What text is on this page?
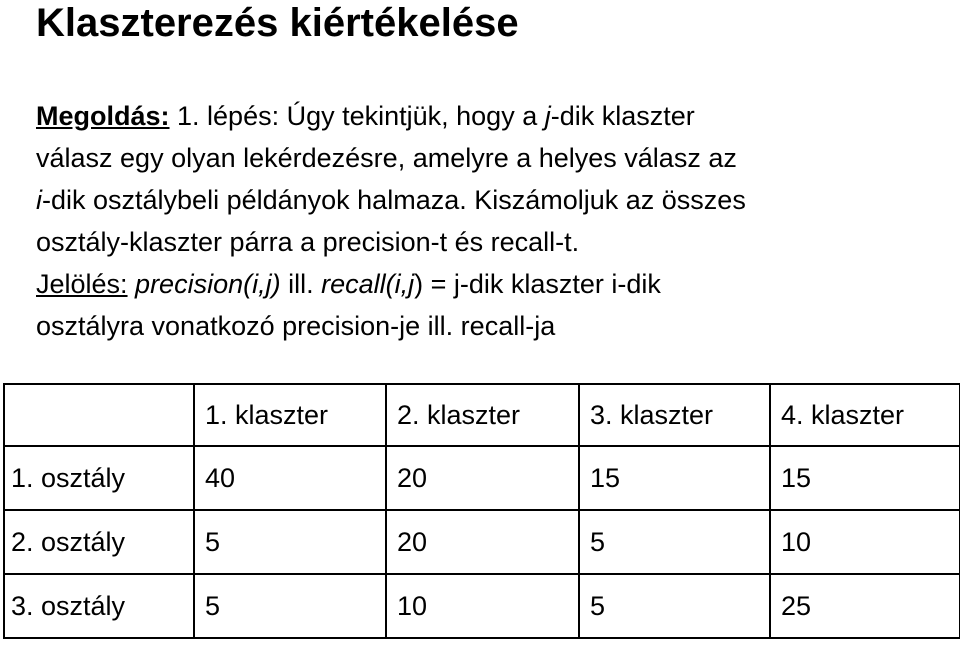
Klaszterezés kiértékelése
Megoldás: 1. lépés: Úgy tekintjük, hogy a j-dik klaszter
válasz egy olyan lekérdezésre, amelyre a helyes válasz az
i-dik osztálybeli példányok halmaza. Kiszámoljuk az összes
osztály-klaszter párra a precision-t és recall-t.
Jelölés: precision(i,j) ill. recall(i,j) = j-dik klaszter i-dik
osztályra vonatkozó precision-je ill. recall-ja
	1. klaszter	2. klaszter	3. klaszter	4. klaszter
1. osztály	40	20	15	15
2. osztály	5	20	5	10
3. osztály	5	10	5	25
